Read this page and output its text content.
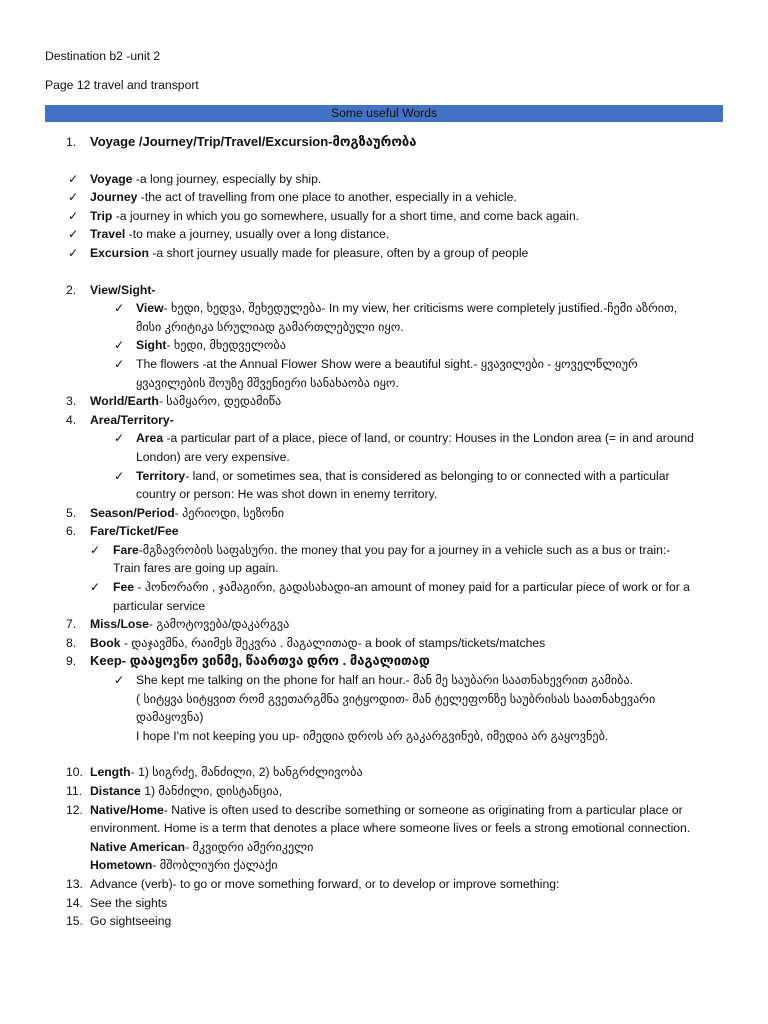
Destination b2 -unit 2
Page 12 travel and transport
Some useful Words
1. Voyage /Journey/Trip/Travel/Excursion-მოგზაურობა
✓ Voyage -a long journey, especially by ship.
✓ Journey -the act of travelling from one place to another, especially in a vehicle.
✓ Trip -a journey in which you go somewhere, usually for a short time, and come back again.
✓ Travel -to make a journey, usually over a long distance.
✓ Excursion -a short journey usually made for pleasure, often by a group of people
2. View/Sight-
✓ View- ხედი, ხედვა, შეხედულება- In my view, her criticisms were completely justified.-ჩემი აზრით,
მისი კრიტიკა სრულიად გამართლებული იყო.
✓ Sight- ხედი, მხედველობა
✓ The flowers -at the Annual Flower Show were a beautiful sight.- ყვავილები - ყოველწლიურ
ყვავილების შოუზე მშვენიერი სანახაობა იყო.
3. World/Earth- სამყარო, დედამიწა
4. Area/Territory-
✓ Area -a particular part of a place, piece of land, or country: Houses in the London area (= in and around
London) are very expensive.
✓ Territory- land, or sometimes sea, that is considered as belonging to or connected with a particular
country or person: He was shot down in enemy territory.
5. Season/Period- პერიოდი, სეზონი
6. Fare/Ticket/Fee
✓ Fare-მგზავრობის საფასური. the money that you pay for a journey in a vehicle such as a bus or train:-
Train fares are going up again.
✓ Fee - ჰონორარი , ჯამაგირი, გადასახადი-an amount of money paid for a particular piece of work or for a
particular service
7. Miss/Lose- გამოტოვება/დაკარგვა
8. Book - დაჯავშნა, რაიმეს შეკვრა . მაგალითად- a book of stamps/tickets/matches
9. Keep- დააყოვნო ვინმე, წაართვა დრო . მაგალითად
✓ She kept me talking on the phone for half an hour.- მან მე საუბარი საათნახევრით გამიბა.
( სიტყვა სიტყვით რომ გვეთარგმნა ვიტყოდით- მან ტელეფონზე საუბრისას საათნახევარი
დამაყოვნა)
I hope I'm not keeping you up- იმედია დროს არ გაკარგვინებ, იმედია არ გაყოვნებ.
10. Length- 1) სიგრძე, მანძილი, 2) ხანგრძლივობა
11. Distance 1) მანძილი, დისტანცია,
12. Native/Home- Native is often used to describe something or someone as originating from a particular place or
environment. Home is a term that denotes a place where someone lives or feels a strong emotional connection.
Native American- მკვიდრი ამერიკელი
Hometown- მშობლიური ქალაქი
13. Advance (verb)- to go or move something forward, or to develop or improve something:
14. See the sights
15. Go sightseeing
